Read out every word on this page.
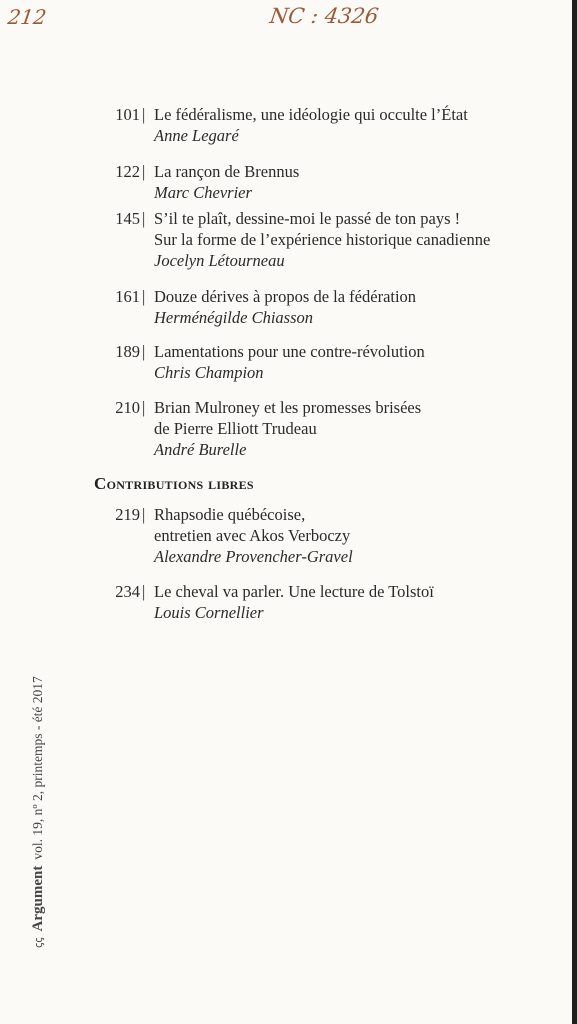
212	NC : 4326
101 | Le fédéralisme, une idéologie qui occulte l’État
Anne Legaré
122 | La rançon de Brennus
Marc Chevrier
145 | S’il te plaît, dessine-moi le passé de ton pays !
Sur la forme de l’expérience historique canadienne
Jocelyn Létourneau
161 | Douze dérives à propos de la fédération
Herménégilde Chiasson
189 | Lamentations pour une contre-révolution
Chris Champion
210 | Brian Mulroney et les promesses brisées
de Pierre Elliott Trudeau
André Burelle
Contributions libres
219 | Rhapsodie québécoise,
entretien avec Akos Verboczy
Alexandre Provencher-Gravel
234 | Le cheval va parler. Une lecture de Tolstoï
Louis Cornellier
ꞔꞔArgumentvol. 19, nº 2, printemps - été 2017
